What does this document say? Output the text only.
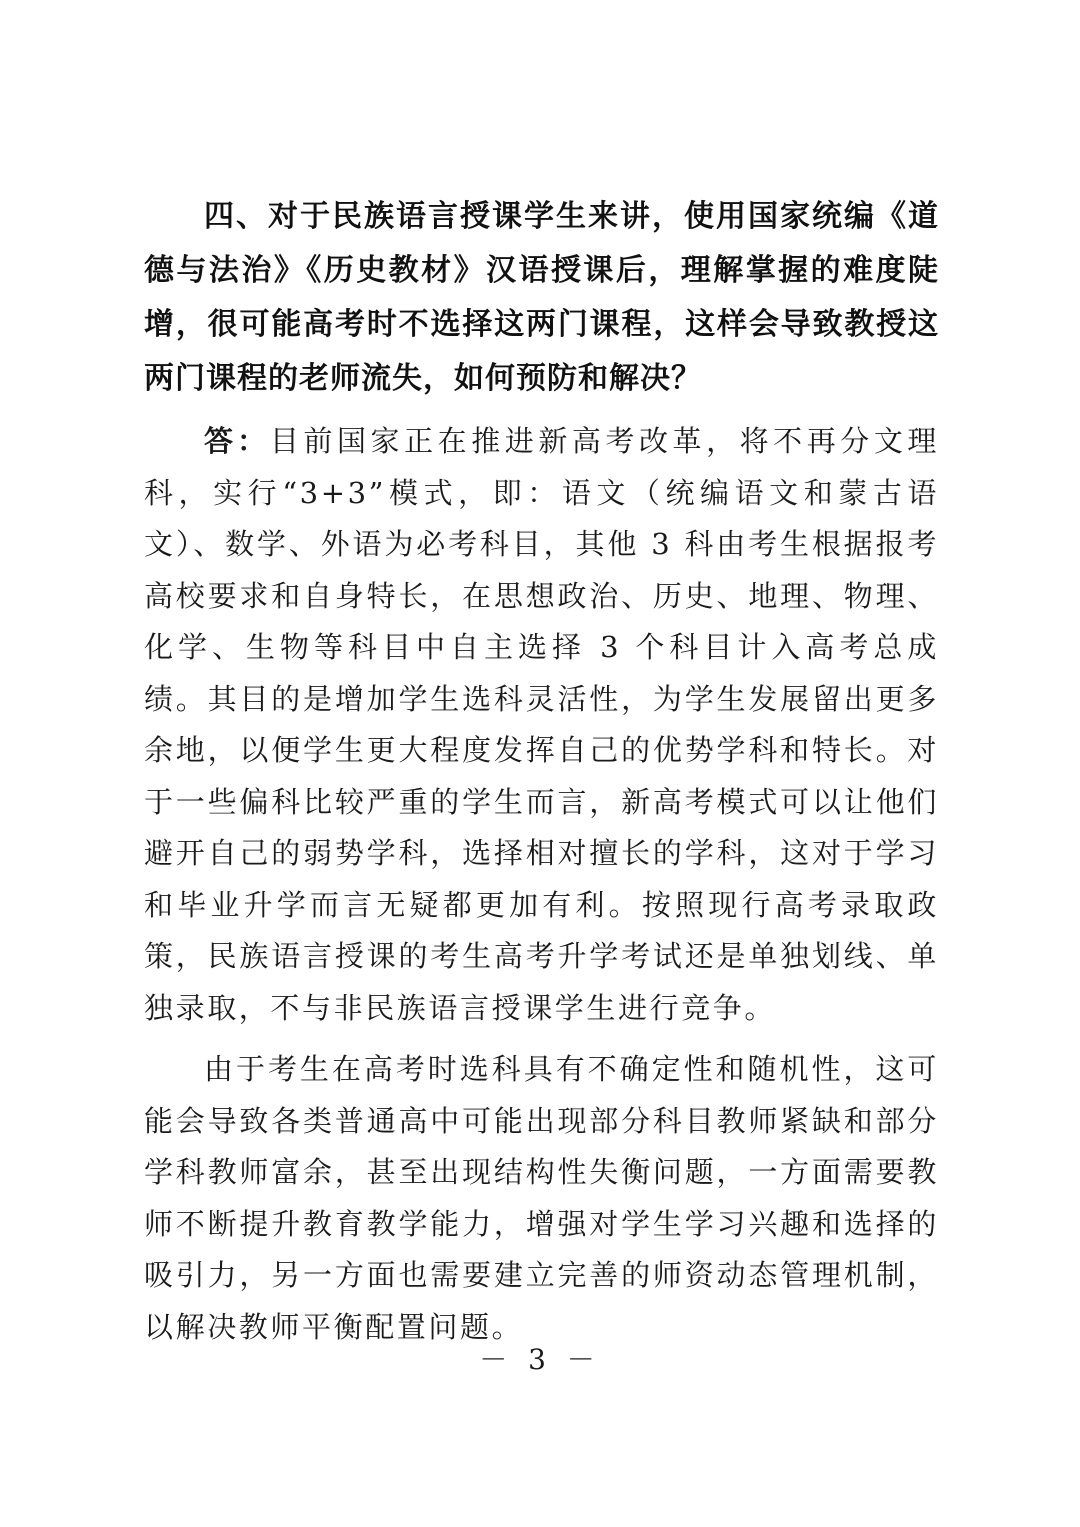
四、对于民族语言授课学生来讲，使用国家统编《道德与法治》《历史教材》汉语授课后，理解掌握的难度陡增，很可能高考时不选择这两门课程，这样会导致教授这两门课程的老师流失，如何预防和解决？

答：目前国家正在推进新高考改革，将不再分文理科，实行“3+3”模式，即：语文（统编语文和蒙古语文）、数学、外语为必考科目，其他 3 科由考生根据报考高校要求和自身特长，在思想政治、历史、地理、物理、化学、生物等科目中自主选择 3 个科目计入高考总成绩。其目的是增加学生选科灵活性，为学生发展留出更多余地，以便学生更大程度发挥自己的优势学科和特长。对于一些偏科比较严重的学生而言，新高考模式可以让他们避开自己的弱势学科，选择相对擅长的学科，这对于学习和毕业升学而言无疑都更加有利。按照现行高考录取政策，民族语言授课的考生高考升学考试还是单独划线、单独录取，不与非民族语言授课学生进行竞争。

由于考生在高考时选科具有不确定性和随机性，这可能会导致各类普通高中可能出现部分科目教师紧缺和部分学科教师富余，甚至出现结构性失衡问题，一方面需要教师不断提升教育教学能力，增强对学生学习兴趣和选择的吸引力，另一方面也需要建立完善的师资动态管理机制，以解决教师平衡配置问题。

－ 3 －
